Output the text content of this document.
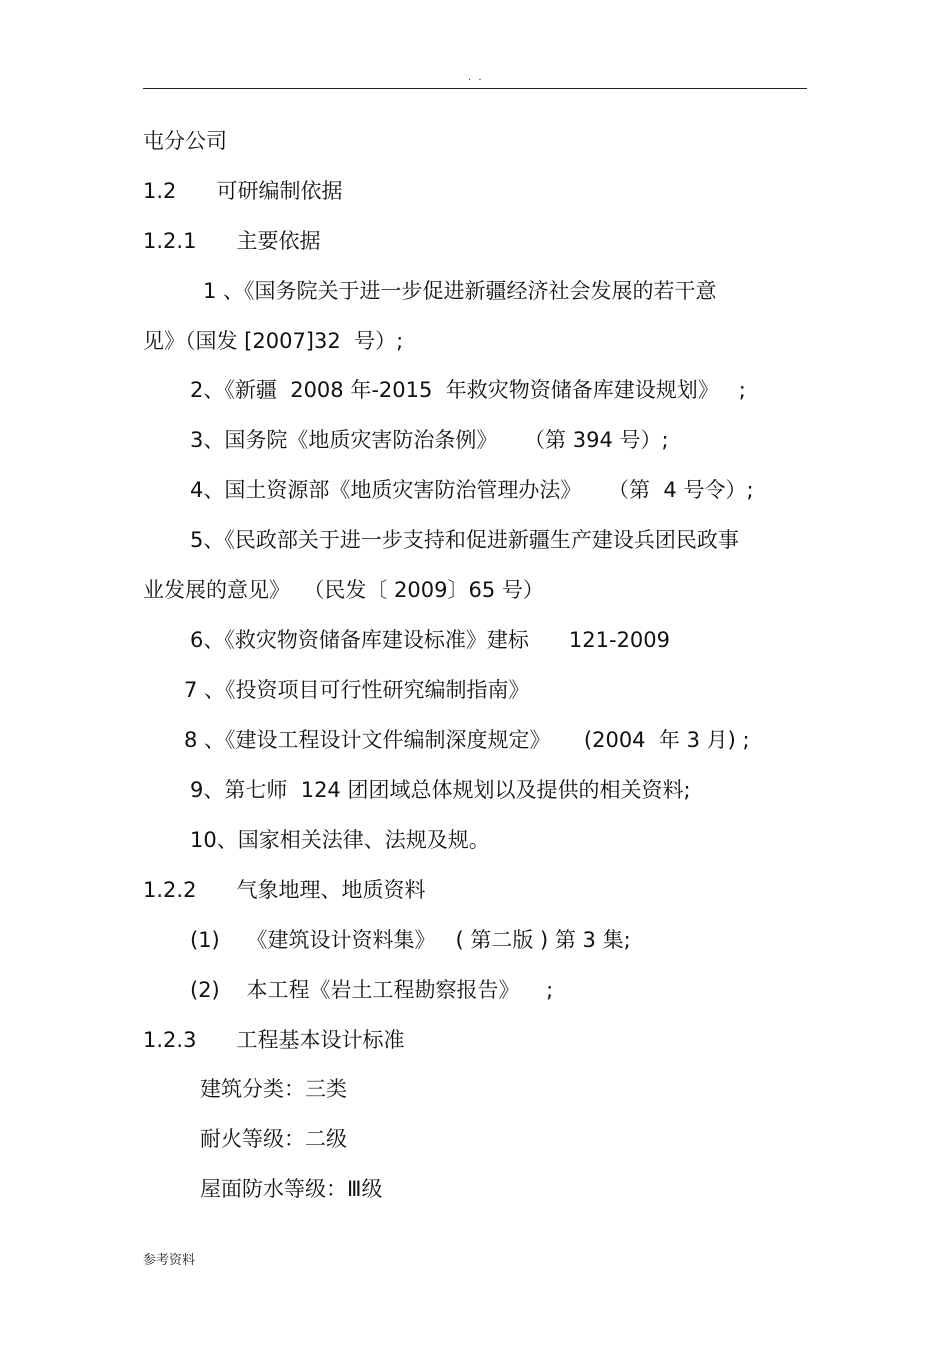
. .
屯分公司
1.2      可研编制依据
1.2.1      主要依据
1 、《国务院关于进一步促进新疆经济社会发展的若干意
见》（国发 [2007]32  号）;
2、《新疆  2008 年-2015  年救灾物资储备库建设规划》   ;
3、国务院《地质灾害防治条例》    （第 394 号）;
4、国土资源部《地质灾害防治管理办法》    （第  4 号令）;
5、《民政部关于进一步支持和促进新疆生产建设兵团民政事
业发展的意见》  （民发〔 2009〕65 号）
6、《救灾物资储备库建设标准》建标      121-2009
7 、《投资项目可行性研究编制指南》
8 、《建设工程设计文件编制深度规定》     (2004  年 3 月) ;
9、第七师  124 团团域总体规划以及提供的相关资料;
10、国家相关法律、法规及规。
1.2.2      气象地理、地质资料
(1)    《建筑设计资料集》   ( 第二版 ) 第 3 集;
(2)    本工程《岩土工程勘察报告》    ;
1.2.3      工程基本设计标准
建筑分类：三类
耐火等级：二级
屋面防水等级：Ⅲ级
参考资料
